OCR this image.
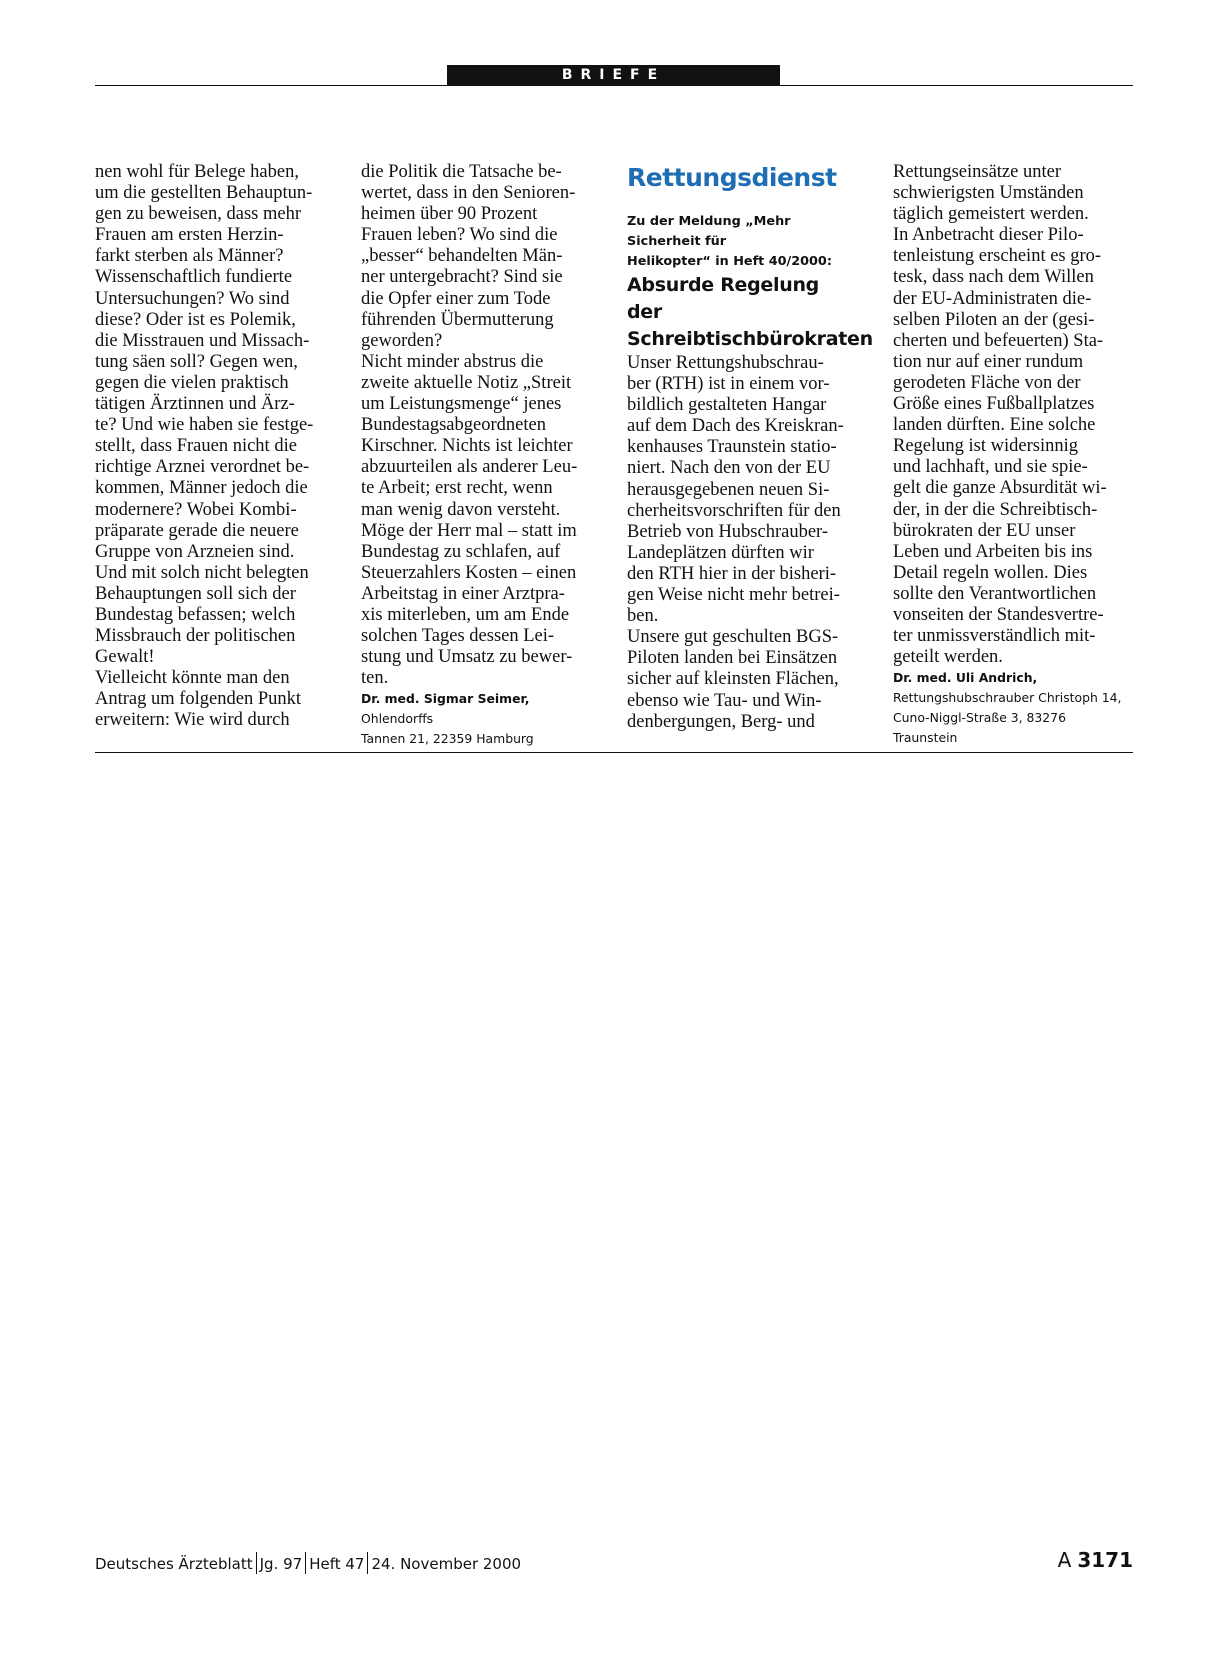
BRIEFE

nen wohl für Belege haben,
um die gestellten Behauptun-
gen zu beweisen, dass mehr
Frauen am ersten Herzin-
farkt sterben als Männer?
Wissenschaftlich fundierte
Untersuchungen? Wo sind
diese? Oder ist es Polemik,
die Misstrauen und Missach-
tung säen soll? Gegen wen,
gegen die vielen praktisch
tätigen Ärztinnen und Ärz-
te? Und wie haben sie festge-
stellt, dass Frauen nicht die
richtige Arznei verordnet be-
kommen, Männer jedoch die
modernere? Wobei Kombi-
präparate gerade die neuere
Gruppe von Arzneien sind.
Und mit solch nicht belegten
Behauptungen soll sich der
Bundestag befassen; welch
Missbrauch der politischen
Gewalt!
Vielleicht könnte man den
Antrag um folgenden Punkt
erweitern: Wie wird durch

die Politik die Tatsache be-
wertet, dass in den Senioren-
heimen über 90 Prozent
Frauen leben? Wo sind die
„besser“ behandelten Män-
ner untergebracht? Sind sie
die Opfer einer zum Tode
führenden Übermutterung
geworden?
Nicht minder abstrus die
zweite aktuelle Notiz „Streit
um Leistungsmenge“ jenes
Bundestagsabgeordneten
Kirschner. Nichts ist leichter
abzuurteilen als anderer Leu-
te Arbeit; erst recht, wenn
man wenig davon versteht.
Möge der Herr mal – statt im
Bundestag zu schlafen, auf
Steuerzahlers Kosten – einen
Arbeitstag in einer Arztpra-
xis miterleben, um am Ende
solchen Tages dessen Lei-
stung und Umsatz zu bewer-
ten.

Dr. med. Sigmar Seimer, Ohlendorffs
Tannen 21, 22359 Hamburg

Rettungsdienst

Zu der Meldung „Mehr Sicherheit für
Helikopter“ in Heft 40/2000:

Absurde Regelung der
Schreibtischbürokraten

Unser Rettungshubschrau-
ber (RTH) ist in einem vor-
bildlich gestalteten Hangar
auf dem Dach des Kreiskran-
kenhauses Traunstein statio-
niert. Nach den von der EU
herausgegebenen neuen Si-
cherheitsvorschriften für den
Betrieb von Hubschrauber-
Landeplätzen dürften wir
den RTH hier in der bisheri-
gen Weise nicht mehr betrei-
ben.
Unsere gut geschulten BGS-
Piloten landen bei Einsätzen
sicher auf kleinsten Flächen,
ebenso wie Tau- und Win-
denbergungen, Berg- und

Rettungseinsätze unter
schwierigsten Umständen
täglich gemeistert werden.
In Anbetracht dieser Pilo-
tenleistung erscheint es gro-
tesk, dass nach dem Willen
der EU-Administraten die-
selben Piloten an der (gesi-
cherten und befeuerten) Sta-
tion nur auf einer rundum
gerodeten Fläche von der
Größe eines Fußballplatzes
landen dürften. Eine solche
Regelung ist widersinnig
und lachhaft, und sie spie-
gelt die ganze Absurdität wi-
der, in der die Schreibtisch-
bürokraten der EU unser
Leben und Arbeiten bis ins
Detail regeln wollen. Dies
sollte den Verantwortlichen
vonseiten der Standesvertre-
ter unmissverständlich mit-
geteilt werden.

Dr. med. Uli Andrich,
Rettungshubschrauber Christoph 14,
Cuno-Niggl-Straße 3, 83276 Traunstein

Deutsches Ärzteblatt Jg. 97 Heft 47 24. November 2000	A 3171
